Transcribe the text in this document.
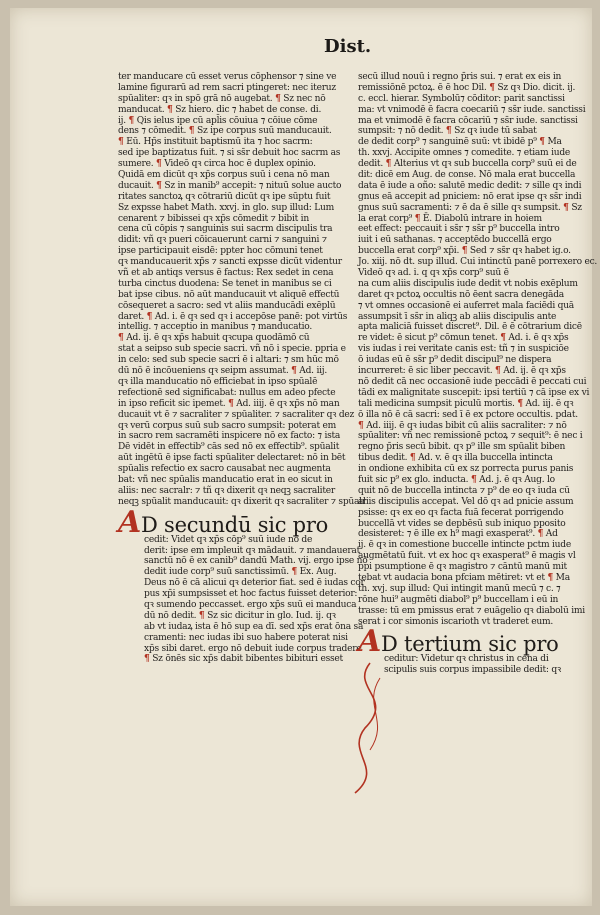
Dist.
ter manducare cū esset verus cōphensor ⁊ sine ve
lamine figurarū ad rem sacri ptingeret: nec iteruz
spūaliter: qꝛ in spō grā nō augebat. ¶ Sz nec nō
manducat. ¶ Sz hiero. dic ⁊ habet de conse. di.
ij. ¶ Qis ielus ipe cū apl̄is cōuiua ⁊ cōiue cōme
dens ⁊ cōmedit. ¶ Sz ipe corpus suū manducauit.
¶ Eū. Hp̄s instituit baptismū ita ⁊ hoc sacrm:
sed ipe baptizatus fuit. ⁊ si ss̄r debuit hoc sacrm as
sumere. ¶ Videō qꝛ circa hoc ē duplex opinio.
Quidā em dicūt qꝛ xp̄s corpus suū i cena nō man
ducauit. ¶ Sz in manib⁹ accepit: ⁊ nituū solue aucto
ritates sanctoꝝ qꝛ cōtrariū dicūt qꝛ ipe sūptu fuit
Sz expsse habet Math. xxvj. in glo. sup illud: Lum
cenarent ⁊ bibissei qꝛ xp̄s cōmedit ⁊ bibit in
cena cū cōpis ⁊ sanguinis sui sacrm discipulis tra
didit: vñ qꝛ pueri cōicauerunt carni ⁊ sanguini ⁊
ipse participauit eisdē: ppter hoc cōmuni tenet
qꝛ manducauerit xp̄s ⁊ sancti expsse dicūt videntur
vñ et ab antiqs versus ē factus: Rex sedet in cena
turba cinctus duodena: Se tenet in manibus se ci
bat ipse cibus. nō aūt manducauit vt aliquē effectū
cōsequeret a sacro: sed vt aliis manducādi exēplū
daret. ¶ Ad. i. ē qꝛ sed qꝛ i accepōse panē: pot virtūs
intellig. ⁊ acceptio in manibus ⁊ manducatio.
¶ Ad. ij. ē qꝛ xp̄s habuit qꝛcupa quodāmō cū
stat a seipso sub specie sacri. vñ nō i specie. ppria e
in celo: sed sub specie sacri ē i altari: ⁊ sm hūc mō
dū nō ē incōueniens qꝛ seipm assumat. ¶ Ad. iij.
qꝛ illa manducatio nō efficiebat in ipso spūalē
refectionē sed significabat: nullus em adeo pfecte
in ipso reficit sic ipemet. ¶ Ad. iiij. ē qꝛ xp̄s nō man
ducauit vt ē ⁊ sacraliter ⁊ spūaliter. ⁊ sacraliter qꝛ dez
qꝛ verū corpus suū sub sacro sumpsit: poterat em
in sacro rem sacramēti inspicere nō ex facto: ⁊ ista
Dē vidēt in effectib⁹ cās sed nō ex effectib⁹. spūalit
aūt ingētū ē ipse facti spūaliter delectaret: nō in bēt
spūalis refectio ex sacro causabat nec augmenta
bat: vñ nec spūalis manducatio erat in eo sicut in
aliis: nec sacralr: ⁊ tñ qꝛ dixerit qꝛ neqꝫ sacraliter
neqꝫ spūalit manducauit: qꝛ dixerit qꝛ sacraliter ⁊ spūalr
AD secundū sic pro
cedit: Videt qꝛ xp̄s cōp⁹ suū iude nō de
derit: ipse em impleuit qꝛ mādauit. ⁊ mandauerat
sanctū nō ē ex canib⁹ dandū Math. vij. ergo ipse nō
dedit iude corp⁹ suū sanctissimū. ¶ Ex. Aug.
Deus nō ē cā alicui qꝛ deterior fiat. sed ē iudas cor
pus xp̄i sumpsisset et hoc factus fuisset deterior:
qꝛ sumendo peccasset. ergo xp̄s suū ei manduca
dū nō dedit. ¶ Sz sic dicitur in glo. Iud. ij. qꝛ
ab vt iudaꝝ ista ē hō sup ea dī. sed xp̄s erat ōna sa
cramenti: nec iudas ibi suo habere poterat nisi
xp̄s sibi daret. ergo nō debuit iude corpus tradere
¶ Sz ōnēs sic xp̄s dabit bibentes bibituri esset
secū illud nouū i regno p̄ris sui. ⁊ erat ex eis in
remissiōnē pctoꝝ. ē ē hoc Dil. ¶ Sz qꝛ Dio. dicit. ij.
c. eccl. hierar. Symbolū⁊ cōditor: parit sanctissi
ma: vt vnimodē ē facra coecariū ⁊ ss̄r iude. sanctissi
ma et vnimodē ē facra cōcariū ⁊ ss̄r iude. sanctissi
sumpsit: ⁊ nō dedit. ¶ Sz qꝛ iude tū sabat
de dedit corp⁹ ⁊ sanguinē suū: vt ibidē p⁹ ¶ Ma
th. xxvj. Accipite omnes ⁊ comedite. ⁊ etiam iude
dedit. ¶ Alterius vt qꝛ sub buccella corp⁹ suū ei de
dit: dicē em Aug. de conse. Nō mala erat buccella
data ē iude a oño: salutē medic dedit: ⁊ sille qꝛ indi
gnus eā accepit ad pniciem: nō erat ipse qꝛ ss̄r indi
gnus suū sacramenti: ⁊ ē da ē sille qꝛ sumpsit. ¶ Sz
la erat corp⁹ ¶ Ē. Diabolū intrare in hoiem
eet effect: peccauit i ss̄r ⁊ ss̄r p⁹ buccella intro
iuit i eū sathanas. ⁊ acceptēdo buccellā ergo
buccella erat corp⁹ xp̄i. ¶ Sed ⁊ ss̄r qꝛ habet ig.o.
Jo. xiij. nō dt. sup illud. Cui intinctū panē porrexero ec.
Videō qꝛ ad. i. q qꝛ xp̄s corp⁹ suū ē
na cum aliis discipulis iude dedit vt nobis exēplum
daret qꝛ pctoꝝ occultis nō ēent sacra denegāda
⁊ vt omnes occasionē ei auferret mala faciēdi quā
assumpsit ī ss̄r in aliqꝫ ab aliis discipulis ante
apta maliciā fuisset discret⁹. Dil. ē ē cōtrarium dicē
re videt: ē sicut p⁹ cōmun tenet. ¶ Ad. i. ē qꝛ xp̄s
vis iudas i rei veritate canis est: tñ ⁊ in suspiciōe
ō iudas eū ē ss̄r p⁹ dedit discipul⁹ ne dispera
incurreret: ē sic liber peccavit. ¶ Ad. ij. ē qꝛ xp̄s
nō dedit cā nec occasionē iude peccādi ē peccati cui
tādi ex malignitate suscepit: ipsi tertiū ⁊ cā ipse ex vi
tali medicina sumpsit piculū mortis. ¶ Ad. iij. ē qꝛ
ō illa nō ē cā sacri: sed ī ē ex pctore occultis. pdat.
¶ Ad. iiij. ē qꝛ iudas bibit cū aliis sacraliter: ⁊ nō
spūaliter: vñ nec remissionē pctoꝝ ⁊ sequit⁹: ē nec i
regno p̄ris secū bibit. qꝛ p⁹ ille sm spūalit biben
tibus dedit. ¶ Ad. v. ē qꝛ illa buccella intincta
in ondione exhibita cū ex sz porrecta purus panis
fuit sic p⁹ ex glo. inducta. ¶ Ad. j. ē qꝛ Aug. lo
quit nō de buccella intincta ⁊ p⁹ de eo qꝛ iuda cū
aliis discipulis accepat. Vel dō qꝛ ad pnicie assum
psisse: qꝛ ex eo qꝛ facta fuā fecerat porrigendo
buccellā vt vides se depbēsū sub iniquo pposito
desisteret: ⁊ ē ille ex h⁹ magi exasperat⁹. ¶ Ad
ij. ē qꝛ in comestione buccelle intincte pctm iude
augmētatū fuit. vt ex hoc qꝛ exasperat⁹ ē magis vl
ppi psumptione ē qꝛ magistro ⁊ cāntū manū mit
tebat vt audacia bona pfciam mētiret: vt et ¶ Ma
th. xvj. sup illud: Qui intingit manū mecū ⁊ c. ⁊
rōne hui⁹ augmēti diabol⁹ p⁹ buccellam i eū in
trasse: tū em pmissus erat ⁊ euāgelio qꝛ diabolū imi
serat i cor simonis iscarioth vt traderet eum.
AD tertium sic pro
ceditur: Videtur qꝛ christus in cena di
scipulis suis corpus impassibile dedit: qꝛ
